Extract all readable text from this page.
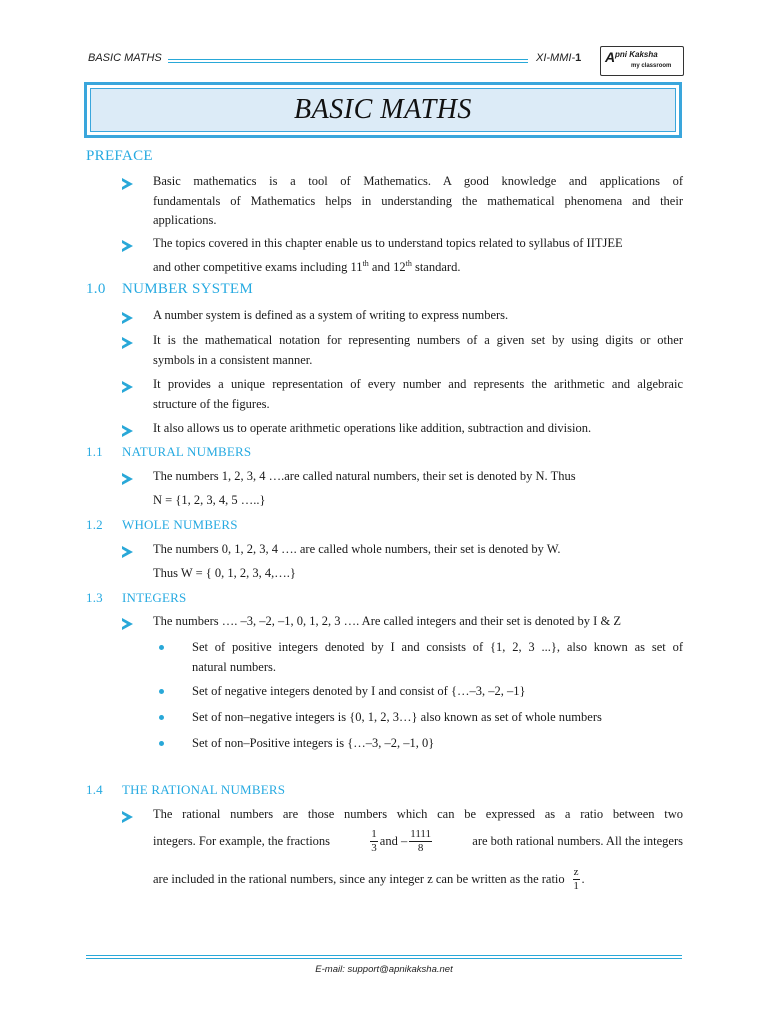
BASIC MATHS	XI-MMI-1 A pni Kaksha
my classroom
BASIC MATHS
PREFACE
Basic mathematics is a tool of Mathematics. A good knowledge and applications of
fundamentals of Mathematics helps in understanding the mathematical phenomena and their
applications.
The topics covered in this chapter enable us to understand topics related to syllabus of IITJEE
and other competitive exams including 11th and 12th standard.
1.0 NUMBER SYSTEM
A number system is defined as a system of writing to express numbers.
It is the mathematical notation for representing numbers of a given set by using digits or other
symbols in a consistent manner.
It provides a unique representation of every number and represents the arithmetic and algebraic
structure of the figures.
It also allows us to operate arithmetic operations like addition, subtraction and division.
1.1 NATURAL NUMBERS
The numbers 1, 2, 3, 4 ….are called natural numbers, their set is denoted by N. Thus
N = {1, 2, 3, 4, 5 …..}
1.2 WHOLE NUMBERS
The numbers 0, 1, 2, 3, 4 …. are called whole numbers, their set is denoted by W.
Thus W = { 0, 1, 2, 3, 4,….}
1.3 INTEGERS
The numbers …. –3, –2, –1, 0, 1, 2, 3 …. Are called integers and their set is denoted by I & Z
Set of positive integers denoted by I and consists of {1, 2, 3 ...}, also known as set of
natural numbers.
Set of negative integers denoted by I and consist of {…–3, –2, –1}
Set of non–negative integers is {0, 1, 2, 3…} also known as set of whole numbers
Set of non–Positive integers is {…–3, –2, –1, 0}
1.4 THE RATIONAL NUMBERS
The rational numbers are those numbers which can be expressed as a ratio between two
integers. For example, the fractions	$\frac{1}{3}$ and – $\frac{1111}{8}$	are both rational numbers. All the integers
are included in the rational numbers, since any integer z can be written as the ratio $\frac{z}{1}$ .
E-mail: support@apnikaksha.net
